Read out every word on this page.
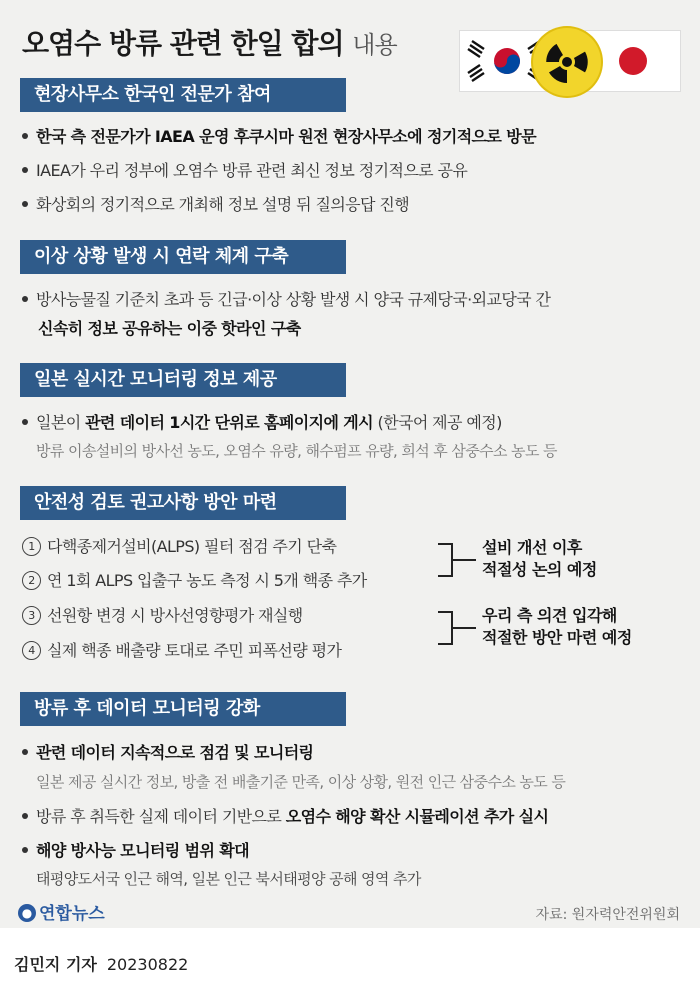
오염수 방류 관련 한일 합의 내용
현장사무소 한국인 전문가 참여
한국 측 전문가가 IAEA 운영 후쿠시마 원전 현장사무소에 정기적으로 방문
IAEA가 우리 정부에 오염수 방류 관련 최신 정보 정기적으로 공유
화상회의 정기적으로 개최해 정보 설명 뒤 질의응답 진행
이상 상황 발생 시 연락 체계 구축
방사능물질 기준치 초과 등 긴급·이상 상황 발생 시 양국 규제당국·외교당국 간
신속히 정보 공유하는 이중 핫라인 구축
일본 실시간 모니터링 정보 제공
일본이 관련 데이터 1시간 단위로 홈페이지에 게시 (한국어 제공 예정)
방류 이송설비의 방사선 농도, 오염수 유량, 해수펌프 유량, 희석 후 삼중수소 농도 등
안전성 검토 권고사항 방안 마련
1 다핵종제거설비(ALPS) 필터 점검 주기 단축
2 연 1회 ALPS 입출구 농도 측정 시 5개 핵종 추가
3 선원항 변경 시 방사선영향평가 재실행
4 실제 핵종 배출량 토대로 주민 피폭선량 평가
설비 개선 이후
적절성 논의 예정
우리 측 의견 입각해
적절한 방안 마련 예정
방류 후 데이터 모니터링 강화
관련 데이터 지속적으로 점검 및 모니터링
일본 제공 실시간 정보, 방출 전 배출기준 만족, 이상 상황, 원전 인근 삼중수소 농도 등
방류 후 취득한 실제 데이터 기반으로 오염수 해양 확산 시뮬레이션 추가 실시
해양 방사능 모니터링 범위 확대
태평양도서국 인근 해역, 일본 인근 북서태평양 공해 영역 추가
● 연합뉴스	자료: 원자력안전위원회
김민지 기자 20230822
